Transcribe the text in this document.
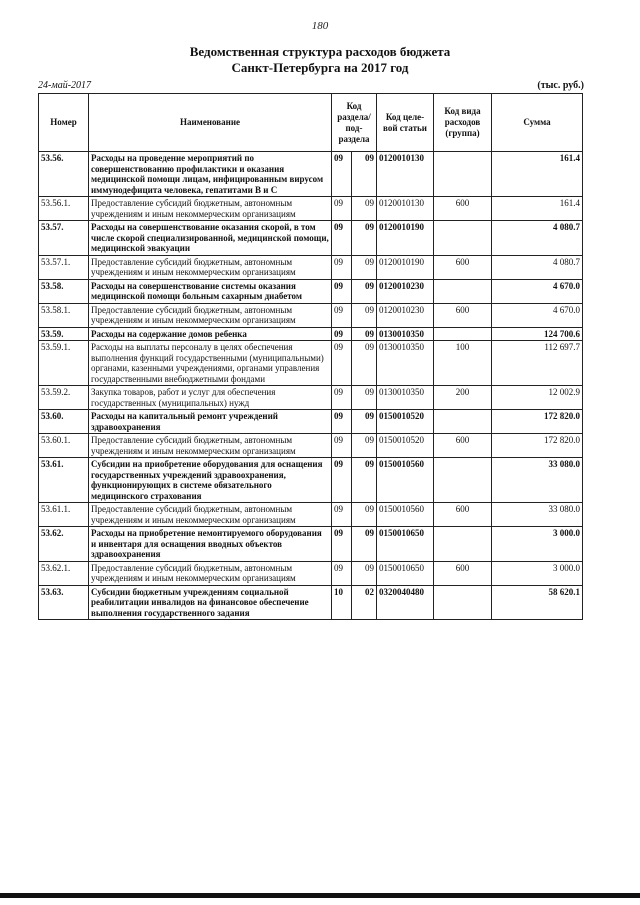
180
Ведомственная структура расходов бюджета
Санкт-Петербурга на 2017 год
24-май-2017	(тыс. руб.)
Номер	Наименование	Код раздела/ под-раздела		Код целе-вой статьи	Код вида расходов (группа)	Сумма
53.56.	Расходы на проведение мероприятий по совершенствованию профилактики и оказания медицинской помощи лицам, инфицированным вирусом иммунодефицита человека, гепатитами В и С	09	09	0120010130		161.4
53.56.1.	Предоставление субсидий бюджетным, автономным учреждениям и иным некоммерческим организациям	09	09	0120010130	600	161.4
53.57.	Расходы на совершенствование оказания скорой, в том числе скорой специализированной, медицинской помощи, медицинской эвакуации	09	09	0120010190		4 080.7
53.57.1.	Предоставление субсидий бюджетным, автономным учреждениям и иным некоммерческим организациям	09	09	0120010190	600	4 080.7
53.58.	Расходы на совершенствование системы оказания медицинской помощи больным сахарным диабетом	09	09	0120010230		4 670.0
53.58.1.	Предоставление субсидий бюджетным, автономным учреждениям и иным некоммерческим организациям	09	09	0120010230	600	4 670.0
53.59.	Расходы на содержание домов ребенка	09	09	0130010350		124 700.6
53.59.1.	Расходы на выплаты персоналу в целях обеспечения выполнения функций государственными (муниципальными) органами, казенными учреждениями, органами управления государственными внебюджетными фондами	09	09	0130010350	100	112 697.7
53.59.2.	Закупка товаров, работ и услуг для обеспечения государственных (муниципальных) нужд	09	09	0130010350	200	12 002.9
53.60.	Расходы на капитальный ремонт учреждений здравоохранения	09	09	0150010520		172 820.0
53.60.1.	Предоставление субсидий бюджетным, автономным учреждениям и иным некоммерческим организациям	09	09	0150010520	600	172 820.0
53.61.	Субсидии на приобретение оборудования для оснащения государственных учреждений здравоохранения, функционирующих в системе обязательного медицинского страхования	09	09	0150010560		33 080.0
53.61.1.	Предоставление субсидий бюджетным, автономным учреждениям и иным некоммерческим организациям	09	09	0150010560	600	33 080.0
53.62.	Расходы на приобретение немонтируемого оборудования и инвентаря для оснащения вводных объектов здравоохранения	09	09	0150010650		3 000.0
53.62.1.	Предоставление субсидий бюджетным, автономным учреждениям и иным некоммерческим организациям	09	09	0150010650	600	3 000.0
53.63.	Субсидии бюджетным учреждениям социальной реабилитации инвалидов на финансовое обеспечение выполнения государственного задания	10	02	0320040480		58 620.1
